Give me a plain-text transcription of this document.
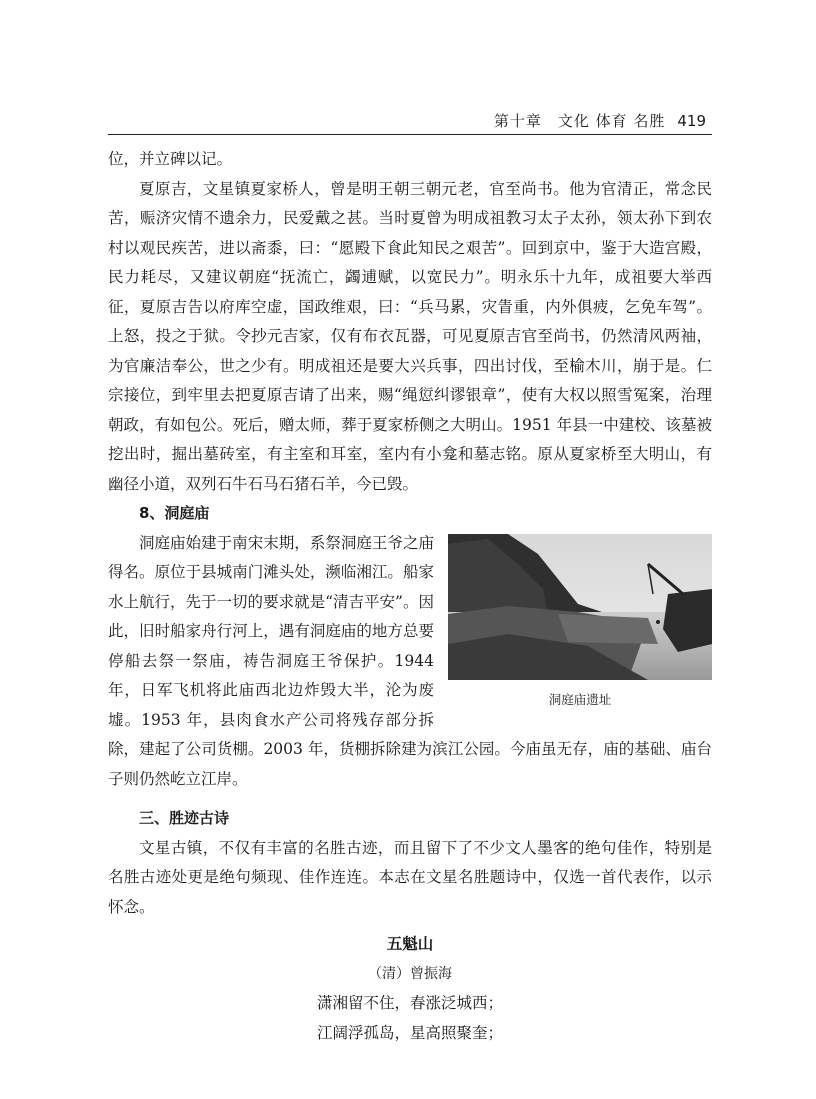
第十章　文化 体育 名胜 419

位，并立碑以记。

夏原吉，文星镇夏家桥人，曾是明王朝三朝元老，官至尚书。他为官清正，常念民苦，赈济灾情不遗余力，民爱戴之甚。当时夏曾为明成祖教习太子太孙，领太孙下到农村以观民疾苦，进以斋黍，曰：“愿殿下食此知民之艰苦”。回到京中，鉴于大造宫殿，民力耗尽，又建议朝庭“抚流亡，蠲逋赋，以宽民力”。明永乐十九年，成祖要大举西征，夏原吉告以府库空虚，国政维艰，曰：“兵马累，灾眚重，内外俱疲，乞免车驾”。上怒，投之于狱。令抄元吉家，仅有布衣瓦器，可见夏原吉官至尚书，仍然清风两袖，为官廉洁奉公，世之少有。明成祖还是要大兴兵事，四出讨伐，至榆木川，崩于是。仁宗接位，到牢里去把夏原吉请了出来，赐“绳愆纠谬银章”，使有大权以照雪冤案，治理朝政，有如包公。死后，赠太师，葬于夏家桥侧之大明山。1951 年县一中建校、该墓被挖出时，掘出墓砖室，有主室和耳室，室内有小龛和墓志铭。原从夏家桥至大明山，有幽径小道，双列石牛石马石猪石羊，今已毁。

8、洞庭庙

洞庭庙遗址

洞庭庙始建于南宋末期，系祭洞庭王爷之庙得名。原位于县城南门滩头处，濒临湘江。船家水上航行，先于一切的要求就是“清吉平安”。因此，旧时船家舟行河上，遇有洞庭庙的地方总要停船去祭一祭庙，祷告洞庭王爷保护。1944 年，日军飞机将此庙西北边炸毁大半，沦为废墟。1953 年，县肉食水产公司将残存部分拆除，建起了公司货棚。2003 年，货棚拆除建为滨江公园。今庙虽无存，庙的基础、庙台子则仍然屹立江岸。

三、胜迹古诗

文星古镇，不仅有丰富的名胜古迹，而且留下了不少文人墨客的绝句佳作，特别是名胜古迹处更是绝句频现、佳作连连。本志在文星名胜题诗中，仅选一首代表作，以示怀念。

五魁山
（清）曾振海
潇湘留不住，春涨泛城西；
江阔浮孤岛，星高照聚奎；
